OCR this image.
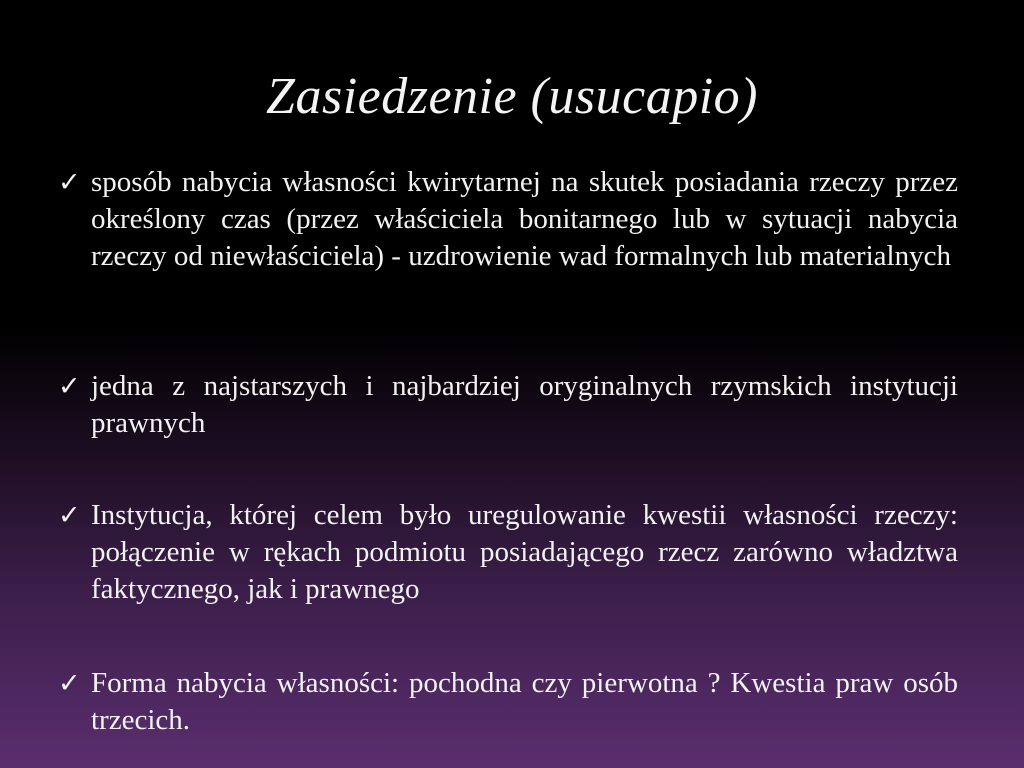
Zasiedzenie (usucapio)
✓ sposób nabycia własności kwirytarnej na skutek posiadania rzeczy przez określony czas (przez właściciela bonitarnego lub w sytuacji nabycia rzeczy od niewłaściciela) - uzdrowienie wad formalnych lub materialnych
✓ jedna z najstarszych i najbardziej oryginalnych rzymskich instytucji prawnych
✓ Instytucja, której celem było uregulowanie kwestii własności rzeczy: połączenie w rękach podmiotu posiadającego rzecz zarówno władztwa faktycznego, jak i prawnego
✓ Forma nabycia własności: pochodna czy pierwotna ? Kwestia praw osób trzecich.
